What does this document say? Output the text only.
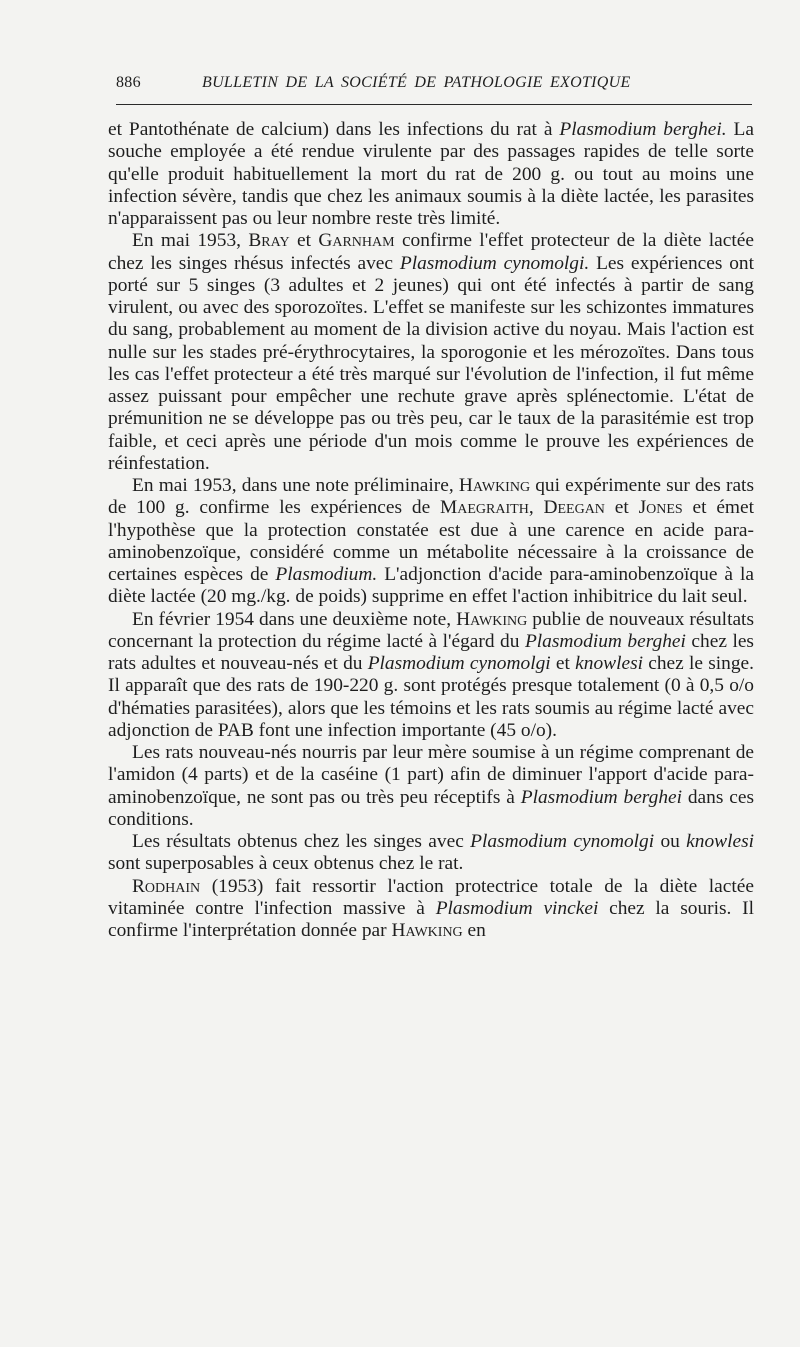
886	BULLETIN DE LA SOCIÉTÉ DE PATHOLOGIE EXOTIQUE

et Pantothénate de calcium) dans les infections du rat à Plasmodium berghei. La souche employée a été rendue virulente par des passages rapides de telle sorte qu'elle produit habituellement la mort du rat de 200 g. ou tout au moins une infection sévère, tandis que chez les animaux soumis à la diète lactée, les parasites n'apparaissent pas ou leur nombre reste très limité.

En mai 1953, Bray et Garnham confirme l'effet protecteur de la diète lactée chez les singes rhésus infectés avec Plasmodium cynomolgi. Les expériences ont porté sur 5 singes (3 adultes et 2 jeunes) qui ont été infectés à partir de sang virulent, ou avec des sporozoïtes. L'effet se manifeste sur les schizontes immatures du sang, probablement au moment de la division active du noyau. Mais l'action est nulle sur les stades pré-érythrocytaires, la sporogonie et les mérozoïtes. Dans tous les cas l'effet protecteur a été très marqué sur l'évolution de l'infection, il fut même assez puissant pour empêcher une rechute grave après splénectomie. L'état de prémunition ne se développe pas ou très peu, car le taux de la parasitémie est trop faible, et ceci après une période d'un mois comme le prouve les expériences de réinfestation.

En mai 1953, dans une note préliminaire, Hawking qui expérimente sur des rats de 100 g. confirme les expériences de Maegraith, Deegan et Jones et émet l'hypothèse que la protection constatée est due à une carence en acide para-aminobenzoïque, considéré comme un métabolite nécessaire à la croissance de certaines espèces de Plasmodium. L'adjonction d'acide para-aminobenzoïque à la diète lactée (20 mg./kg. de poids) supprime en effet l'action inhibitrice du lait seul.

En février 1954 dans une deuxième note, Hawking publie de nouveaux résultats concernant la protection du régime lacté à l'égard du Plasmodium berghei chez les rats adultes et nouveau-nés et du Plasmodium cynomolgi et knowlesi chez le singe. Il apparaît que des rats de 190-220 g. sont protégés presque totalement (0 à 0,5 o/o d'hématies parasitées), alors que les témoins et les rats soumis au régime lacté avec adjonction de PAB font une infection importante (45 o/o).

Les rats nouveau-nés nourris par leur mère soumise à un régime comprenant de l'amidon (4 parts) et de la caséine (1 part) afin de diminuer l'apport d'acide para-aminobenzoïque, ne sont pas ou très peu réceptifs à Plasmodium berghei dans ces conditions.

Les résultats obtenus chez les singes avec Plasmodium cynomolgi ou knowlesi sont superposables à ceux obtenus chez le rat.

Rodhain (1953) fait ressortir l'action protectrice totale de la diète lactée vitaminée contre l'infection massive à Plasmodium vinckei chez la souris. Il confirme l'interprétation donnée par Hawking en
